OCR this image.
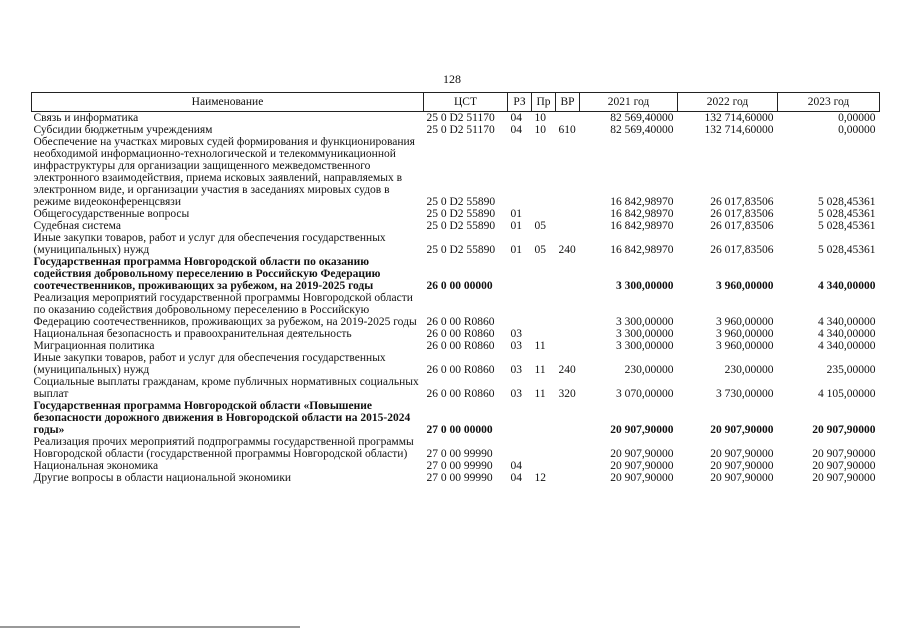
128
Наименование	ЦСТ	РЗ	Пр	ВР	2021 год	2022 год	2023 год
Связь и информатика	25 0 D2 51170	04	10		82 569,40000	132 714,60000	0,00000
Субсидии бюджетным учреждениям	25 0 D2 51170	04	10	610	82 569,40000	132 714,60000	0,00000
Обеспечение на участках мировых судей формирования и функционирования необходимой информационно-технологической и телекоммуникационной инфраструктуры для организации защищенного межведомственного электронного взаимодействия, приема исковых заявлений, направляемых в электронном виде, и организации участия в заседаниях мировых судов в режиме видеоконференцсвязи	25 0 D2 55890				16 842,98970	26 017,83506	5 028,45361
Общегосударственные вопросы	25 0 D2 55890	01			16 842,98970	26 017,83506	5 028,45361
Судебная система	25 0 D2 55890	01	05		16 842,98970	26 017,83506	5 028,45361
Иные закупки товаров, работ и услуг для обеспечения государственных (муниципальных) нужд	25 0 D2 55890	01	05	240	16 842,98970	26 017,83506	5 028,45361
Государственная программа Новгородской области по оказанию содействия добровольному переселению в Российскую Федерацию соотечественников, проживающих за рубежом, на 2019-2025 годы	26 0 00 00000				3 300,00000	3 960,00000	4 340,00000
Реализация мероприятий государственной программы Новгородской области по оказанию содействия добровольному переселению в Российскую Федерацию соотечественников, проживающих за рубежом, на 2019-2025 годы	26 0 00 R0860				3 300,00000	3 960,00000	4 340,00000
Национальная безопасность и правоохранительная деятельность	26 0 00 R0860	03			3 300,00000	3 960,00000	4 340,00000
Миграционная политика	26 0 00 R0860	03	11		3 300,00000	3 960,00000	4 340,00000
Иные закупки товаров, работ и услуг для обеспечения государственных (муниципальных) нужд	26 0 00 R0860	03	11	240	230,00000	230,00000	235,00000
Социальные выплаты гражданам, кроме публичных нормативных социальных выплат	26 0 00 R0860	03	11	320	3 070,00000	3 730,00000	4 105,00000
Государственная программа Новгородской области «Повышение безопасности дорожного движения в Новгородской области на 2015-2024 годы»	27 0 00 00000				20 907,90000	20 907,90000	20 907,90000
Реализация прочих мероприятий подпрограммы государственной программы Новгородской области (государственной программы Новгородской области)	27 0 00 99990				20 907,90000	20 907,90000	20 907,90000
Национальная экономика	27 0 00 99990	04			20 907,90000	20 907,90000	20 907,90000
Другие вопросы в области национальной экономики	27 0 00 99990	04	12		20 907,90000	20 907,90000	20 907,90000
